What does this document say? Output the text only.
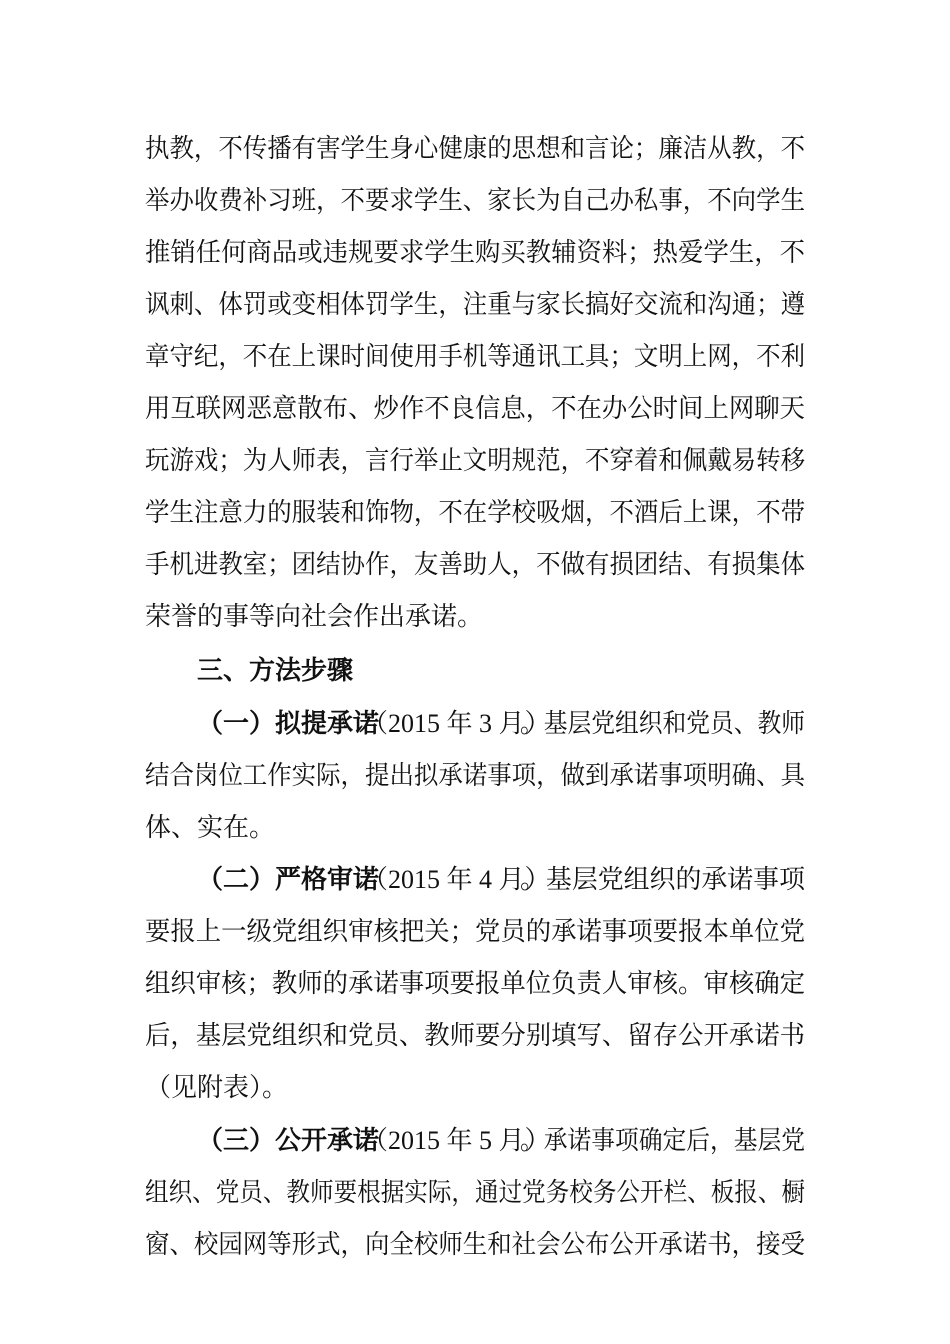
执教，不传播有害学生身心健康的思想和言论；廉洁从教，不
举办收费补习班，不要求学生、家长为自己办私事，不向学生
推销任何商品或违规要求学生购买教辅资料；热爱学生，不
讽刺、体罚或变相体罚学生，注重与家长搞好交流和沟通；遵
章守纪，不在上课时间使用手机等通讯工具；文明上网，不利
用互联网恶意散布、炒作不良信息，不在办公时间上网聊天
玩游戏；为人师表，言行举止文明规范，不穿着和佩戴易转移
学生注意力的服装和饰物，不在学校吸烟，不酒后上课，不带
手机进教室；团结协作，友善助人，不做有损团结、有损集体
荣誉的事等向社会作出承诺。
三、方法步骤
（一）拟提承诺
（2015 年 3 月）
。基层党组织和党员、教师
结合岗位工作实际，提出拟承诺事项，做到承诺事项明确、具
体、实在。
（二）严格审诺
（2015 年 4 月）
。基层党组织的承诺事项
要报上一级党组织审核把关；党员的承诺事项要报本单位党
组织审核；教师的承诺事项要报单位负责人审核。审核确定
后，基层党组织和党员、教师要分别填写、留存公开承诺书
（见附表）。
（三）公开承诺
（2015 年 5 月）
。承诺事项确定后，基层党
组织、党员、教师要根据实际，通过党务校务公开栏、板报、橱
窗、校园网等形式，向全校师生和社会公布公开承诺书，接受
